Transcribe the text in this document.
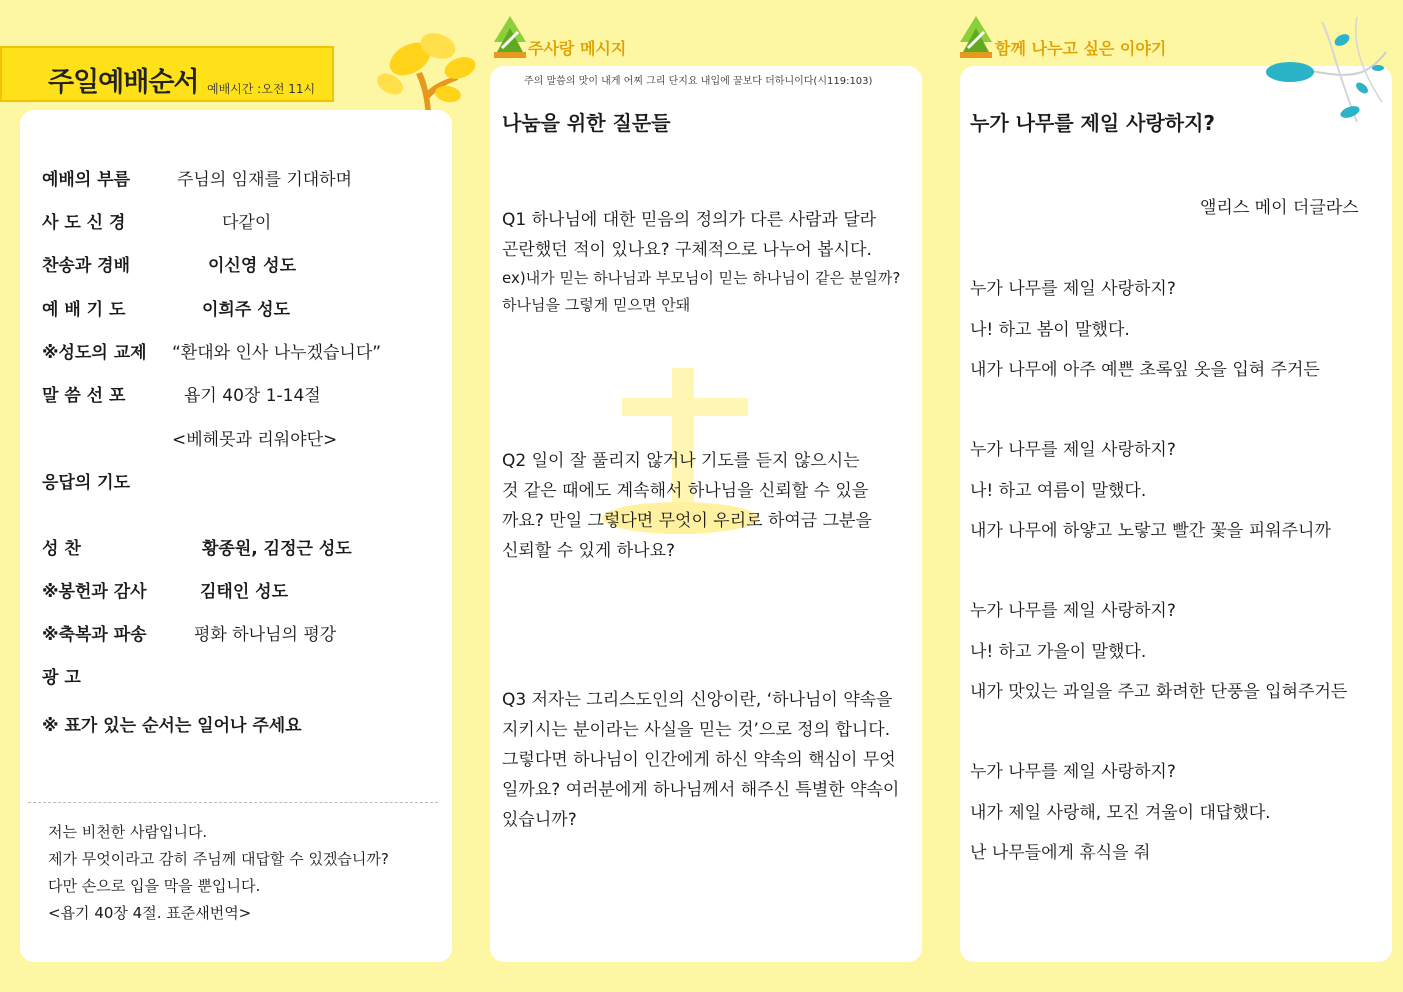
주일예배순서 예배시간 :오전 11시
예배의 부름	주님의 임재를 기대하며
사 도 신 경	다같이
찬송과 경배	이신영 성도
예 배 기 도	이희주 성도
※성도의 교제 “환대와 인사 나누겠습니다”
말 씀 선 포	욥기 40장 1-14절
<베헤못과 리워야단>
응답의 기도
성 찬	황종원, 김정근 성도
※봉헌과 감사	김태인 성도
※축복과 파송	평화 하나님의 평강
광 고
※ 표가 있는 순서는 일어나 주세요
저는 비천한 사람입니다.
제가 무엇이라고 감히 주님께 대답할 수 있겠습니까?
다만 손으로 입을 막을 뿐입니다.
<욥기 40장 4절. 표준새번역>
주사랑 메시지
주의 말씀의 맛이 내게 어찌 그리 단지요 내입에 꿀보다 더하니이다(시119:103)
나눔을 위한 질문들
Q1 하나님에 대한 믿음의 정의가 다른 사람과 달라
곤란했던 적이 있나요? 구체적으로 나누어 봅시다.
ex)내가 믿는 하나님과 부모님이 믿는 하나님이 같은 분일까?
하나님을 그렇게 믿으면 안돼
Q2 일이 잘 풀리지 않거나 기도를 듣지 않으시는
것 같은 때에도 계속해서 하나님을 신뢰할 수 있을
까요? 만일 그렇다면 무엇이 우리로 하여금 그분을
신뢰할 수 있게 하나요?
Q3 저자는 그리스도인의 신앙이란, ‘하나님이 약속을
지키시는 분이라는 사실을 믿는 것’으로 정의 합니다.
그렇다면 하나님이 인간에게 하신 약속의 핵심이 무엇
일까요? 여러분에게 하나님께서 해주신 특별한 약속이
있습니까?
함께 나누고 싶은 이야기
누가 나무를 제일 사랑하지?
앨리스 메이 더글라스
누가 나무를 제일 사랑하지?
나! 하고 봄이 말했다.
내가 나무에 아주 예쁜 초록잎 옷을 입혀 주거든
누가 나무를 제일 사랑하지?
나! 하고 여름이 말했다.
내가 나무에 하얗고 노랗고 빨간 꽃을 피워주니까
누가 나무를 제일 사랑하지?
나! 하고 가을이 말했다.
내가 맛있는 과일을 주고 화려한 단풍을 입혀주거든
누가 나무를 제일 사랑하지?
내가 제일 사랑해, 모진 겨울이 대답했다.
난 나무들에게 휴식을 줘
